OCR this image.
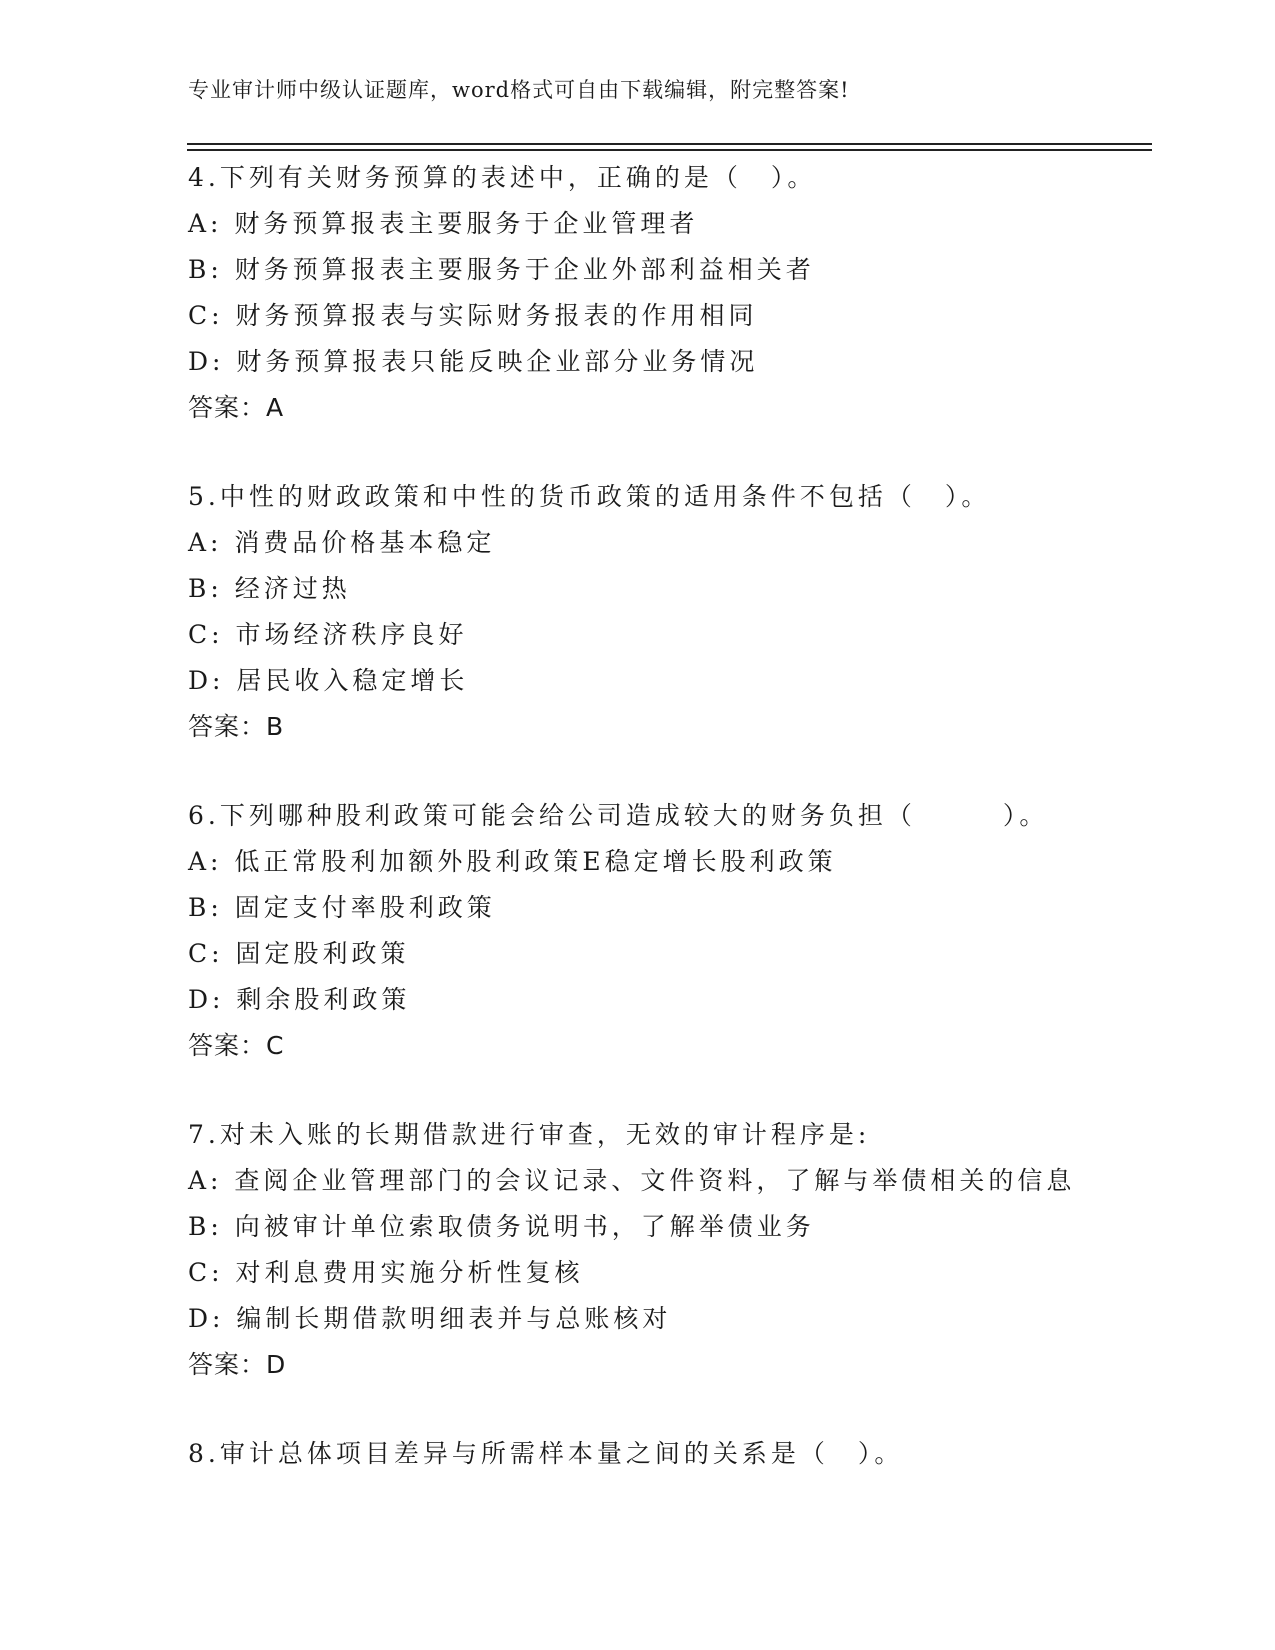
专业审计师中级认证题库，word格式可自由下载编辑，附完整答案!
4.下列有关财务预算的表述中，正确的是（　）。
A: 财务预算报表主要服务于企业管理者
B: 财务预算报表主要服务于企业外部利益相关者
C: 财务预算报表与实际财务报表的作用相同
D: 财务预算报表只能反映企业部分业务情况
答案：A
5.中性的财政政策和中性的货币政策的适用条件不包括（　）。
A: 消费品价格基本稳定
B: 经济过热
C: 市场经济秩序良好
D: 居民收入稳定增长
答案：B
6.下列哪种股利政策可能会给公司造成较大的财务负担（　　　）。
A: 低正常股利加额外股利政策E稳定增长股利政策
B: 固定支付率股利政策
C: 固定股利政策
D: 剩余股利政策
答案：C
7.对未入账的长期借款进行审查，无效的审计程序是:
A: 查阅企业管理部门的会议记录、文件资料，了解与举债相关的信息
B: 向被审计单位索取债务说明书，了解举债业务
C: 对利息费用实施分析性复核
D: 编制长期借款明细表并与总账核对
答案：D
8.审计总体项目差异与所需样本量之间的关系是（　）。
